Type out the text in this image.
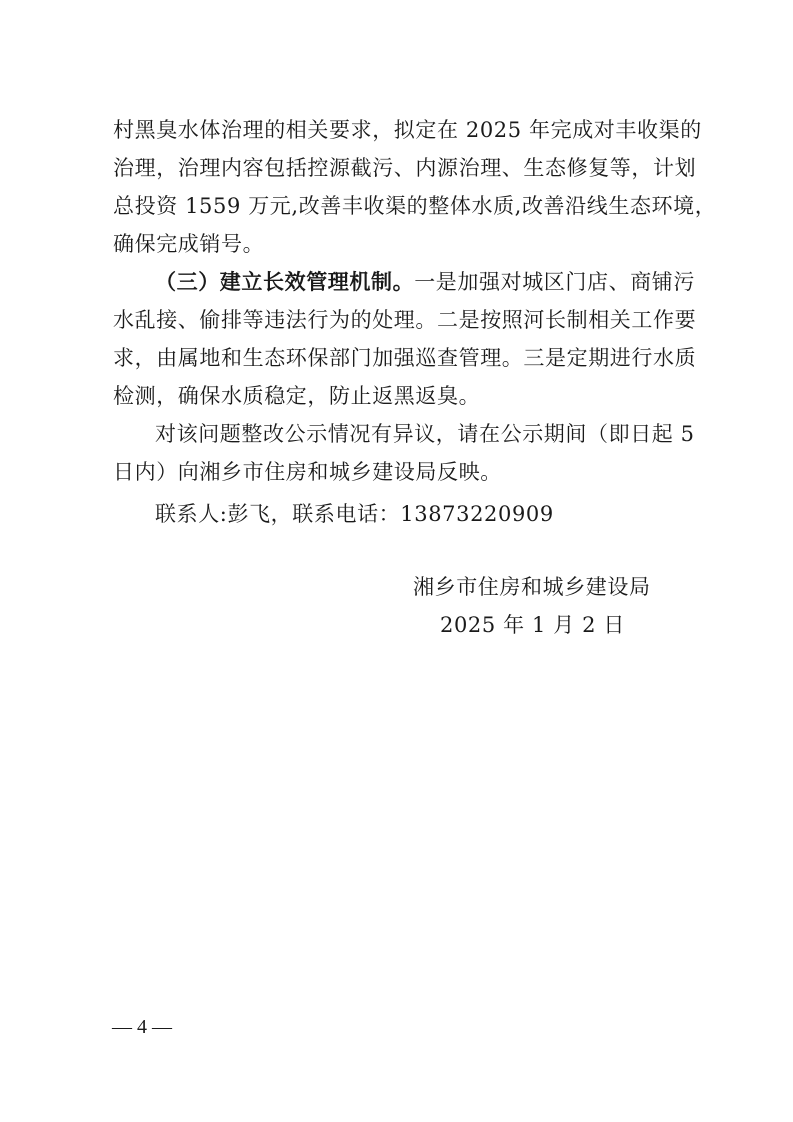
村黑臭水体治理的相关要求，拟定在 2025 年完成对丰收渠的
治理，治理内容包括控源截污、内源治理、生态修复等，计划
总投资 1559 万元,改善丰收渠的整体水质,改善沿线生态环境，
确保完成销号。
（三）建立长效管理机制。一是加强对城区门店、商铺污
水乱接、偷排等违法行为的处理。二是按照河长制相关工作要
求，由属地和生态环保部门加强巡查管理。三是定期进行水质
检测，确保水质稳定，防止返黑返臭。
对该问题整改公示情况有异议，请在公示期间（即日起 5
日内）向湘乡市住房和城乡建设局反映。
联系人:彭飞，联系电话：13873220909
湘乡市住房和城乡建设局
2025 年 1 月 2 日
— 4 —
